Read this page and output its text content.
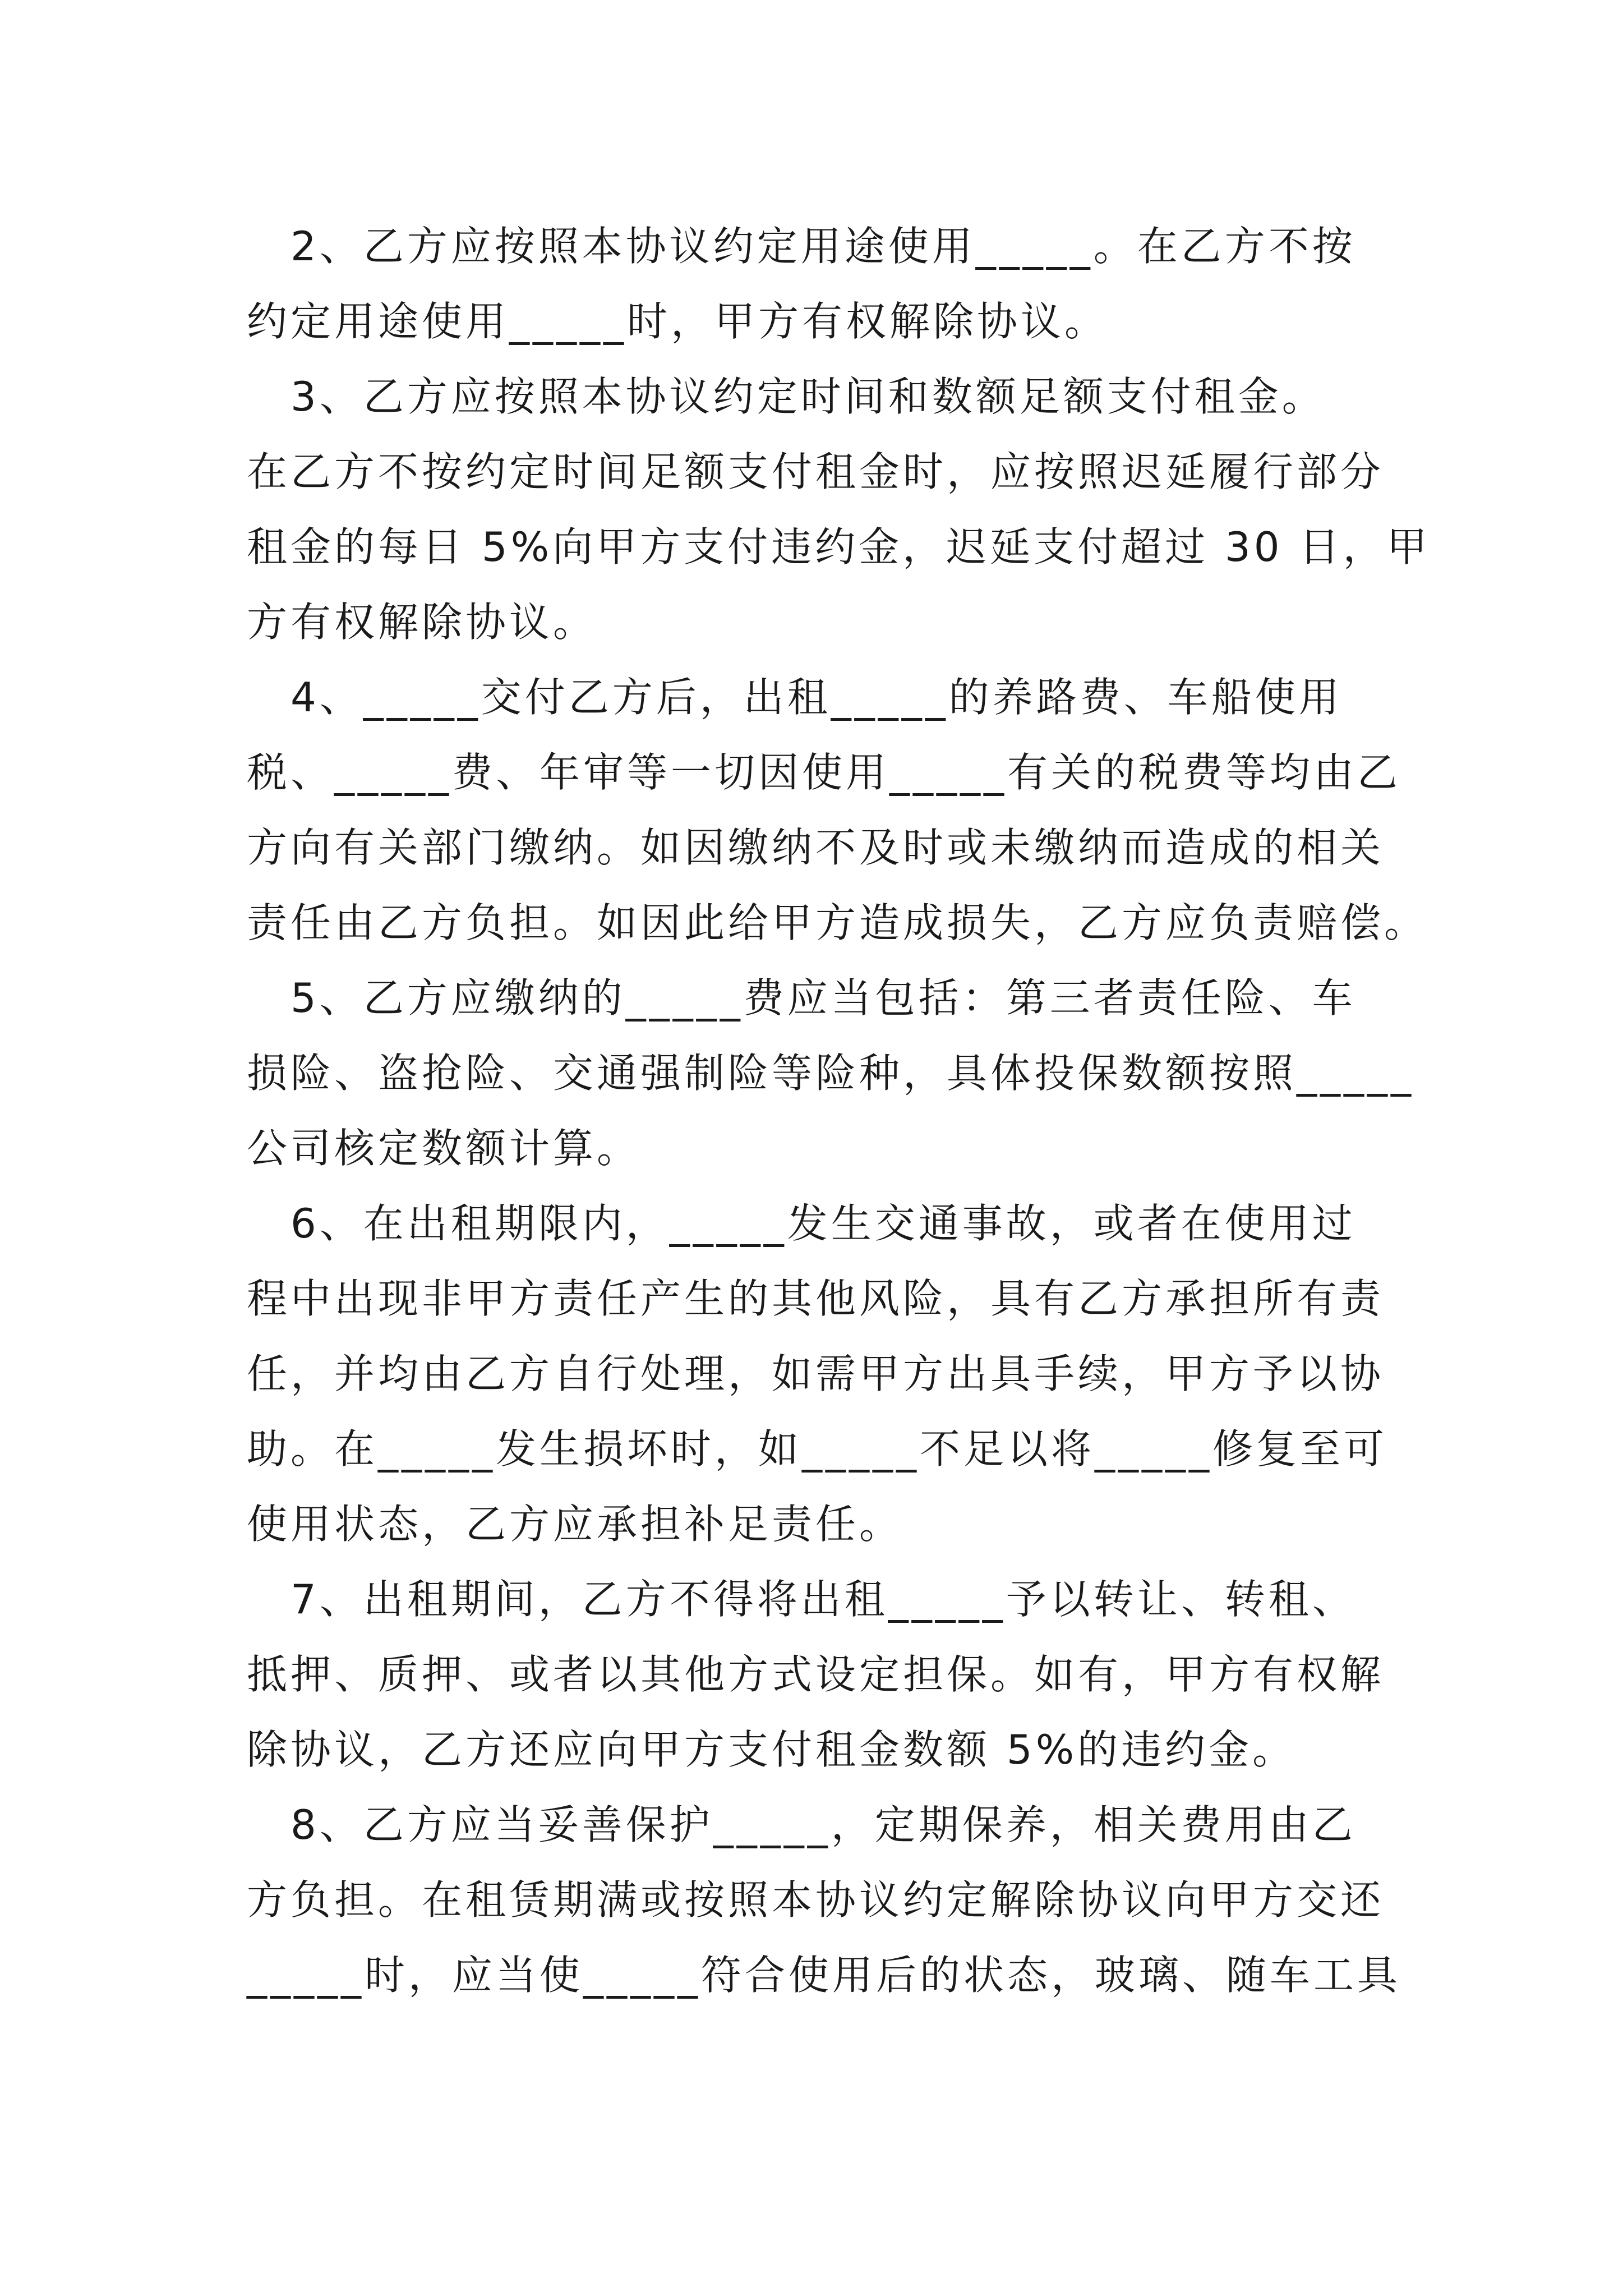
　2、乙方应按照本协议约定用途使用_____。在乙方不按
约定用途使用_____时，甲方有权解除协议。
　3、乙方应按照本协议约定时间和数额足额支付租金。
在乙方不按约定时间足额支付租金时，应按照迟延履行部分
租金的每日 5%向甲方支付违约金，迟延支付超过 30 日，甲
方有权解除协议。
　4、_____交付乙方后，出租_____的养路费、车船使用
税、_____费、年审等一切因使用_____有关的税费等均由乙
方向有关部门缴纳。如因缴纳不及时或未缴纳而造成的相关
责任由乙方负担。如因此给甲方造成损失，乙方应负责赔偿。
　5、乙方应缴纳的_____费应当包括：第三者责任险、车
损险、盗抢险、交通强制险等险种，具体投保数额按照_____
公司核定数额计算。
　6、在出租期限内，_____发生交通事故，或者在使用过
程中出现非甲方责任产生的其他风险，具有乙方承担所有责
任，并均由乙方自行处理，如需甲方出具手续，甲方予以协
助。在_____发生损坏时，如_____不足以将_____修复至可
使用状态，乙方应承担补足责任。
　7、出租期间，乙方不得将出租_____予以转让、转租、
抵押、质押、或者以其他方式设定担保。如有，甲方有权解
除协议，乙方还应向甲方支付租金数额 5%的违约金。
　8、乙方应当妥善保护_____，定期保养，相关费用由乙
方负担。在租赁期满或按照本协议约定解除协议向甲方交还
_____时，应当使_____符合使用后的状态，玻璃、随车工具
